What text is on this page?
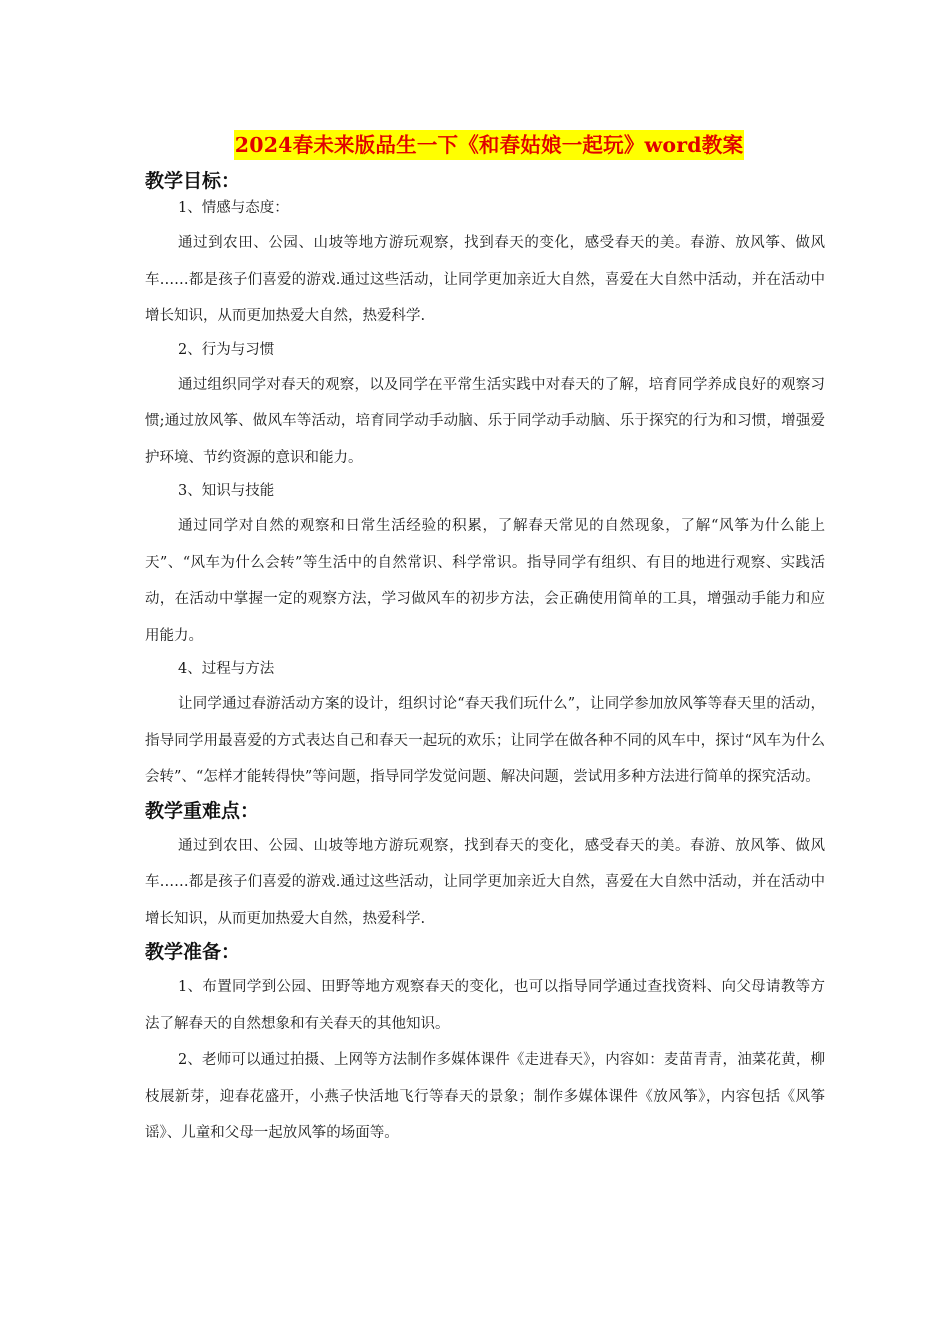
2024春未来版品生一下《和春姑娘一起玩》word教案
教学目标：

1、情感与态度：

通过到农田、公园、山坡等地方游玩观察，找到春天的变化，感受春天的美。春游、放风筝、做风车……都是孩子们喜爱的游戏.通过这些活动，让同学更加亲近大自然，喜爱在大自然中活动，并在活动中增长知识，从而更加热爱大自然，热爱科学.

2、行为与习惯

通过组织同学对春天的观察，以及同学在平常生活实践中对春天的了解，培育同学养成良好的观察习惯;通过放风筝、做风车等活动，培育同学动手动脑、乐于同学动手动脑、乐于探究的行为和习惯，增强爱护环境、节约资源的意识和能力。

3、知识与技能

通过同学对自然的观察和日常生活经验的积累，了解春天常见的自然现象，了解“风筝为什么能上天”、“风车为什么会转”等生活中的自然常识、科学常识。指导同学有组织、有目的地进行观察、实践活动，在活动中掌握一定的观察方法，学习做风车的初步方法，会正确使用简单的工具，增强动手能力和应用能力。

4、过程与方法

让同学通过春游活动方案的设计，组织讨论“春天我们玩什么”，让同学参加放风筝等春天里的活动，指导同学用最喜爱的方式表达自己和春天一起玩的欢乐；让同学在做各种不同的风车中，探讨“风车为什么会转”、“怎样才能转得快”等问题，指导同学发觉问题、解决问题，尝试用多种方法进行简单的探究活动。

教学重难点：

通过到农田、公园、山坡等地方游玩观察，找到春天的变化，感受春天的美。春游、放风筝、做风车……都是孩子们喜爱的游戏.通过这些活动，让同学更加亲近大自然，喜爱在大自然中活动，并在活动中增长知识，从而更加热爱大自然，热爱科学.

教学准备：

1、布置同学到公园、田野等地方观察春天的变化，也可以指导同学通过查找资料、向父母请教等方法了解春天的自然想象和有关春天的其他知识。

2、老师可以通过拍摄、上网等方法制作多媒体课件《走进春天》，内容如：麦苗青青，油菜花黄，柳枝展新芽，迎春花盛开，小燕子快活地飞行等春天的景象；制作多媒体课件《放风筝》，内容包括《风筝谣》、儿童和父母一起放风筝的场面等。
